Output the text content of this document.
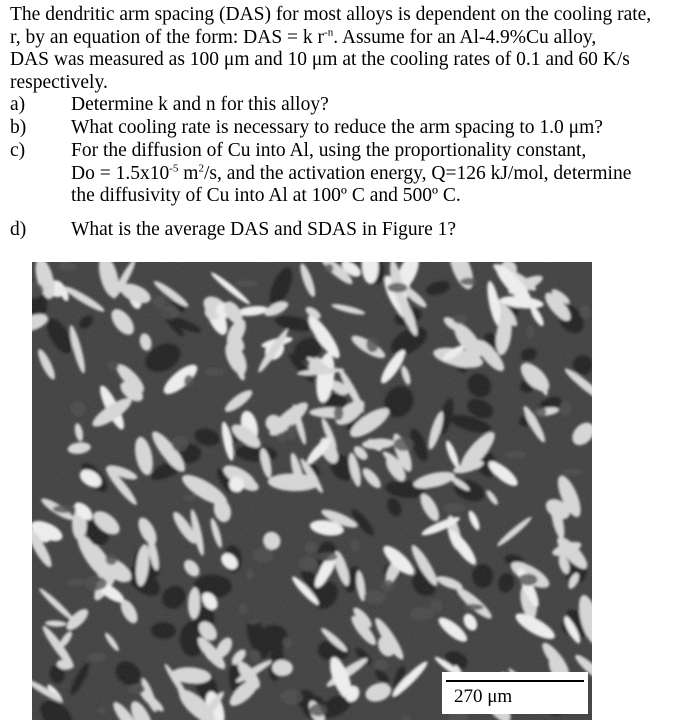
The dendritic arm spacing (DAS) for most alloys is dependent on the cooling rate,
r, by an equation of the form: DAS = k $r^{-n}$. Assume for an Al-4.9%Cu alloy,
DAS was measured as 100 μm and 10 μm at the cooling rates of 0.1 and 60 K/s
respectively.
a)	Determine k and n for this alloy?
b)	What cooling rate is necessary to reduce the arm spacing to 1.0 μm?
c)	For the diffusion of Cu into Al, using the proportionality constant,
$Do = 1.5x10^{-5}$ $m^2/s$, and the activation energy, Q=126 kJ/mol, determine
the diffusivity of Cu into Al at 100º C and 500º C.
d)	What is the average DAS and SDAS in Figure 1?
270 μm
